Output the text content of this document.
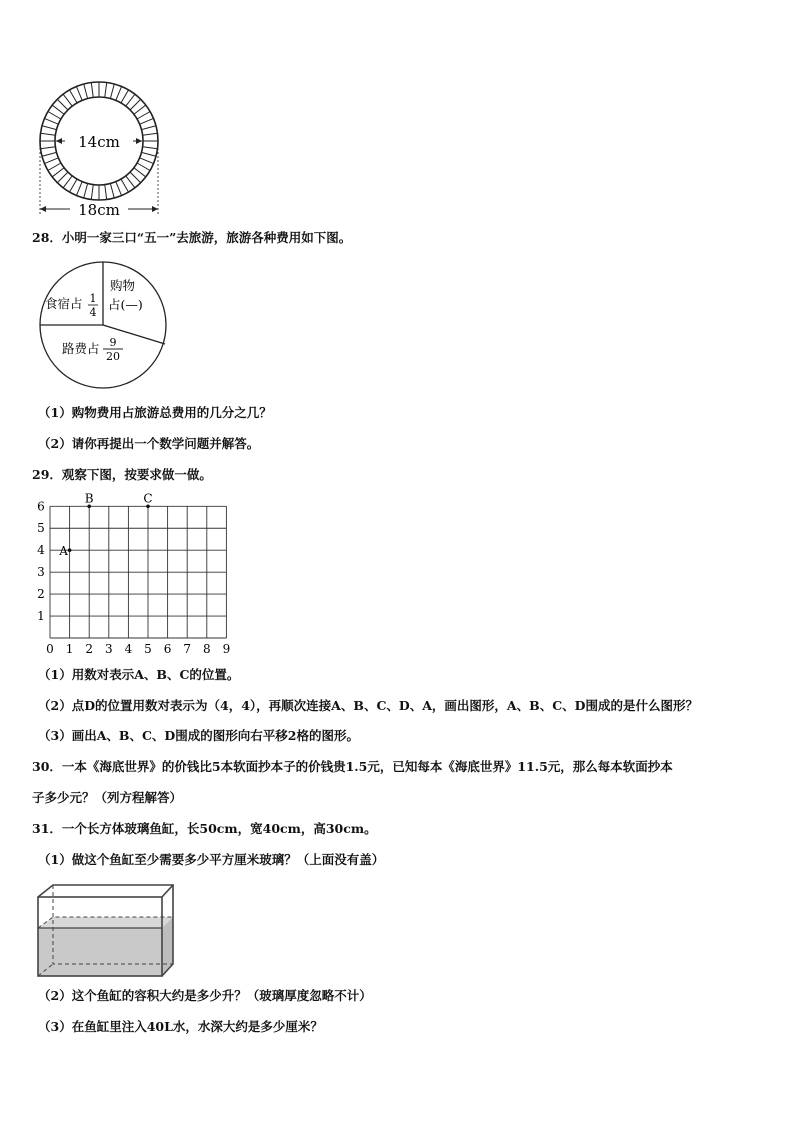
14cm
18cm
28．小明一家三口“五一”去旅游，旅游各种费用如下图。
食宿占 1
4
购物
占(—)
路费占 9
20
（1）购物费用占旅游总费用的几分之几？
（2）请你再提出一个数学问题并解答。
29．观察下图，按要求做一做。
0 1 2 3 4 5 6 7 8 9
1
2
3
4
5
6
A
B	C
（1）用数对表示A、B、C的位置。
（2）点D的位置用数对表示为（4，4），再顺次连接A、B、C、D、A，画出图形，A、B、C、D围成的是什么图形？
（3）画出A、B、C、D围成的图形向右平移2格的图形。
30．一本《海底世界》的价钱比5本软面抄本子的价钱贵1.5元，已知每本《海底世界》11.5元，那么每本软面抄本
子多少元？（列方程解答）
31．一个长方体玻璃鱼缸，长50cm，宽40cm，高30cm。
（1）做这个鱼缸至少需要多少平方厘米玻璃？（上面没有盖）
（2）这个鱼缸的容积大约是多少升？（玻璃厚度忽略不计）
（3）在鱼缸里注入40L水，水深大约是多少厘米？
